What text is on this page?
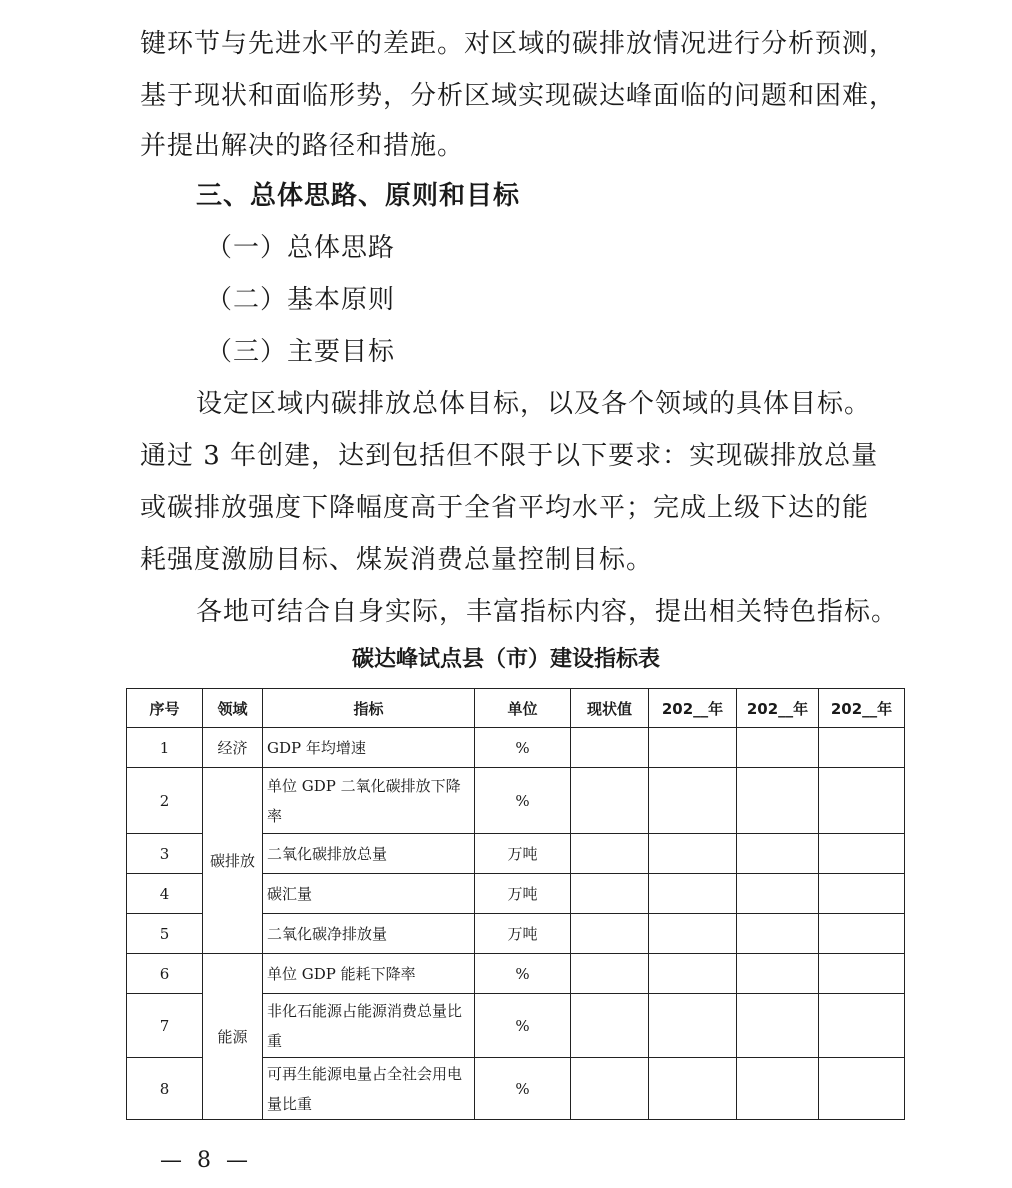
键环节与先进水平的差距。对区域的碳排放情况进行分析预测，
基于现状和面临形势，分析区域实现碳达峰面临的问题和困难，
并提出解决的路径和措施。
三、总体思路、原则和目标
（一）总体思路
（二）基本原则
（三）主要目标
设定区域内碳排放总体目标，以及各个领域的具体目标。
通过 3 年创建，达到包括但不限于以下要求：实现碳排放总量
或碳排放强度下降幅度高于全省平均水平；完成上级下达的能
耗强度激励目标、煤炭消费总量控制目标。
各地可结合自身实际，丰富指标内容，提出相关特色指标。
碳达峰试点县（市）建设指标表
序号	领域	指标	单位	现状值	202__年	202__年	202__年
1	经济	GDP 年均增速	%				
2	碳排放	单位 GDP 二氧化碳排放下降率	%				
3		二氧化碳排放总量	万吨				
4		碳汇量	万吨				
5		二氧化碳净排放量	万吨				
6	能源	单位 GDP 能耗下降率	%				
7		非化石能源占能源消费总量比重	%				
8		可再生能源电量占全社会用电量比重	%				
— 8 —
